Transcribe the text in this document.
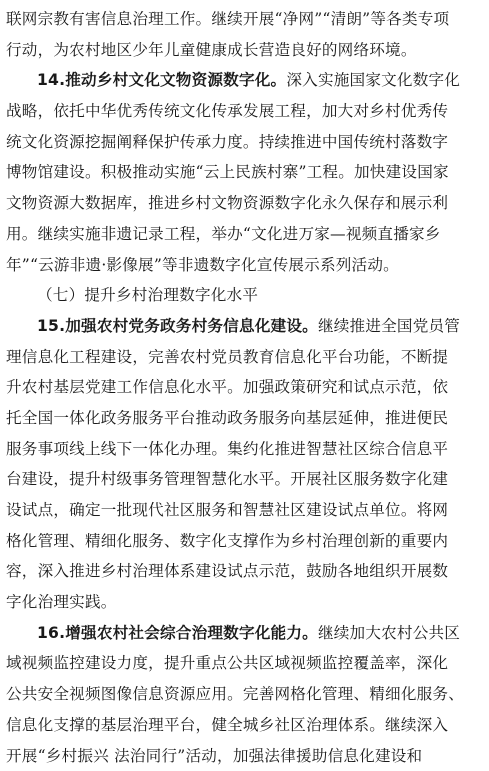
联网宗教有害信息治理工作。继续开展“净网”“清朗”等各类专项
行动，为农村地区少年儿童健康成长营造良好的网络环境。
14.推动乡村文化文物资源数字化。深入实施国家文化数字化
战略，依托中华优秀传统文化传承发展工程，加大对乡村优秀传
统文化资源挖掘阐释保护传承力度。持续推进中国传统村落数字
博物馆建设。积极推动实施“云上民族村寨”工程。加快建设国家
文物资源大数据库，推进乡村文物资源数字化永久保存和展示利
用。继续实施非遗记录工程，举办“文化进万家—视频直播家乡
年”“云游非遗·影像展”等非遗数字化宣传展示系列活动。
（七）提升乡村治理数字化水平
15.加强农村党务政务村务信息化建设。继续推进全国党员管
理信息化工程建设，完善农村党员教育信息化平台功能，不断提
升农村基层党建工作信息化水平。加强政策研究和试点示范，依
托全国一体化政务服务平台推动政务服务向基层延伸，推进便民
服务事项线上线下一体化办理。集约化推进智慧社区综合信息平
台建设，提升村级事务管理智慧化水平。开展社区服务数字化建
设试点，确定一批现代社区服务和智慧社区建设试点单位。将网
格化管理、精细化服务、数字化支撑作为乡村治理创新的重要内
容，深入推进乡村治理体系建设试点示范，鼓励各地组织开展数
字化治理实践。
16.增强农村社会综合治理数字化能力。继续加大农村公共区
域视频监控建设力度，提升重点公共区域视频监控覆盖率，深化
公共安全视频图像信息资源应用。完善网格化管理、精细化服务、
信息化支撑的基层治理平台，健全城乡社区治理体系。继续深入
开展“乡村振兴 法治同行”活动，加强法律援助信息化建设和
